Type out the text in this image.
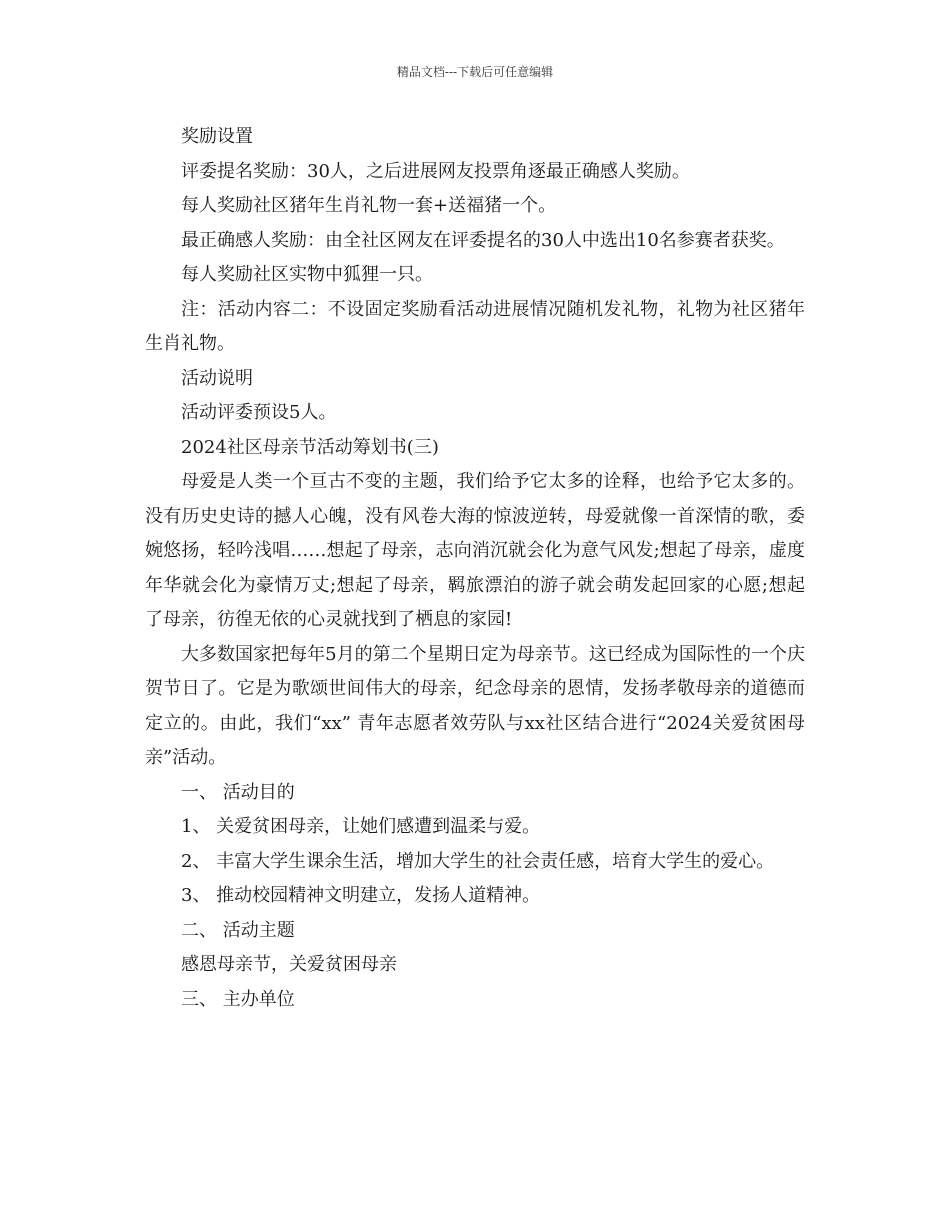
精品文档---下载后可任意编辑

奖励设置

评委提名奖励：30人，之后进展网友投票角逐最正确感人奖励。

每人奖励社区猪年生肖礼物一套+送福猪一个。

最正确感人奖励：由全社区网友在评委提名的30人中选出10名参赛者获奖。

每人奖励社区实物中狐狸一只。

注：活动内容二：不设固定奖励看活动进展情况随机发礼物，礼物为社区猪年生肖礼物。

活动说明

活动评委预设5人。

2024社区母亲节活动筹划书(三)

母爱是人类一个亘古不变的主题，我们给予它太多的诠释，也给予它太多的。没有历史史诗的撼人心魄，没有风卷大海的惊波逆转，母爱就像一首深情的歌，委婉悠扬，轻吟浅唱……想起了母亲，志向消沉就会化为意气风发;想起了母亲，虚度年华就会化为豪情万丈;想起了母亲，羁旅漂泊的游子就会萌发起回家的心愿;想起了母亲，彷徨无依的心灵就找到了栖息的家园!

大多数国家把每年5月的第二个星期日定为母亲节。这已经成为国际性的一个庆贺节日了。它是为歌颂世间伟大的母亲，纪念母亲的恩情，发扬孝敬母亲的道德而定立的。由此，我们“xx” 青年志愿者效劳队与xx社区结合进行“2024关爱贫困母亲”活动。

一、 活动目的

1、 关爱贫困母亲，让她们感遭到温柔与爱。

2、 丰富大学生课余生活，增加大学生的社会责任感，培育大学生的爱心。

3、 推动校园精神文明建立，发扬人道精神。

二、 活动主题

感恩母亲节，关爱贫困母亲

三、 主办单位
